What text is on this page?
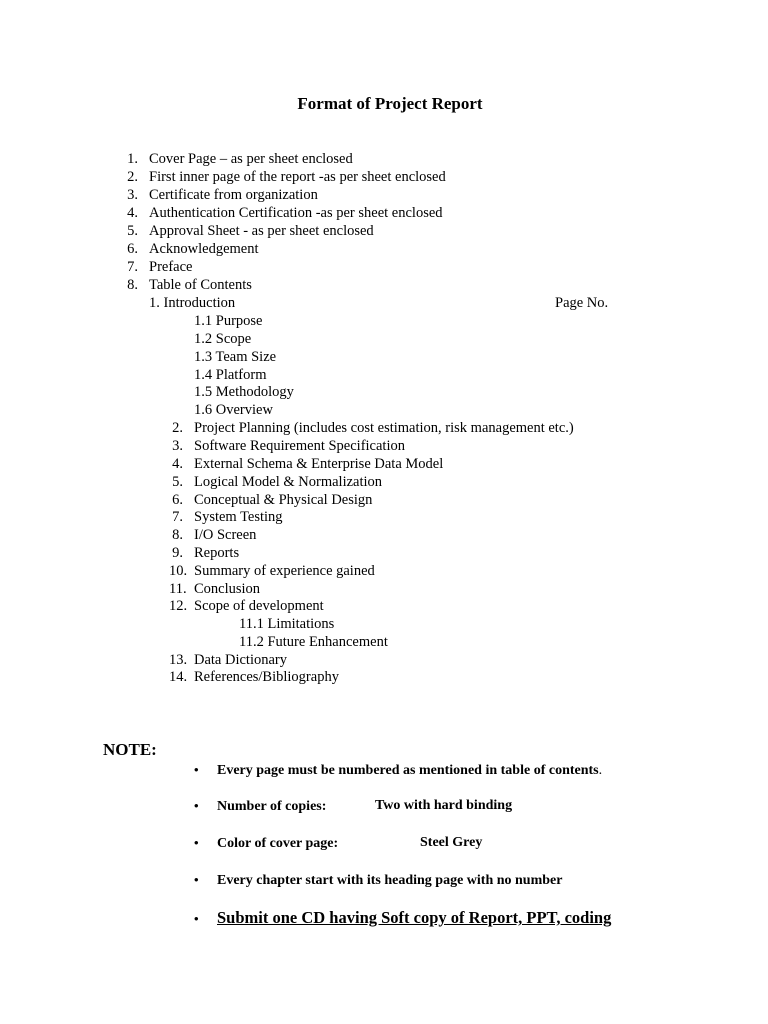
Format of Project Report
1. Cover Page – as per sheet enclosed
2. First inner page of the report -as per sheet enclosed
3. Certificate from organization
4. Authentication Certification -as per sheet enclosed
5. Approval Sheet - as per sheet enclosed
6. Acknowledgement
7. Preface
8. Table of Contents
1. Introduction	Page No.
1.1 Purpose
1.2 Scope
1.3 Team Size
1.4 Platform
1.5 Methodology
1.6 Overview
2. Project Planning (includes cost estimation, risk management etc.)
3. Software Requirement Specification
4. External Schema & Enterprise Data Model
5. Logical Model & Normalization
6. Conceptual & Physical Design
7. System Testing
8. I/O Screen
9. Reports
10. Summary of experience gained
11. Conclusion
12. Scope of development
11.1 Limitations
11.2 Future Enhancement
13. Data Dictionary
14. References/Bibliography
NOTE:
• Every page must be numbered as mentioned in table of contents.
• Number of copies:	Two with hard binding
• Color of cover page:	Steel Grey
• Every chapter start with its heading page with no number
• Submit one CD having Soft copy of Report, PPT, coding
